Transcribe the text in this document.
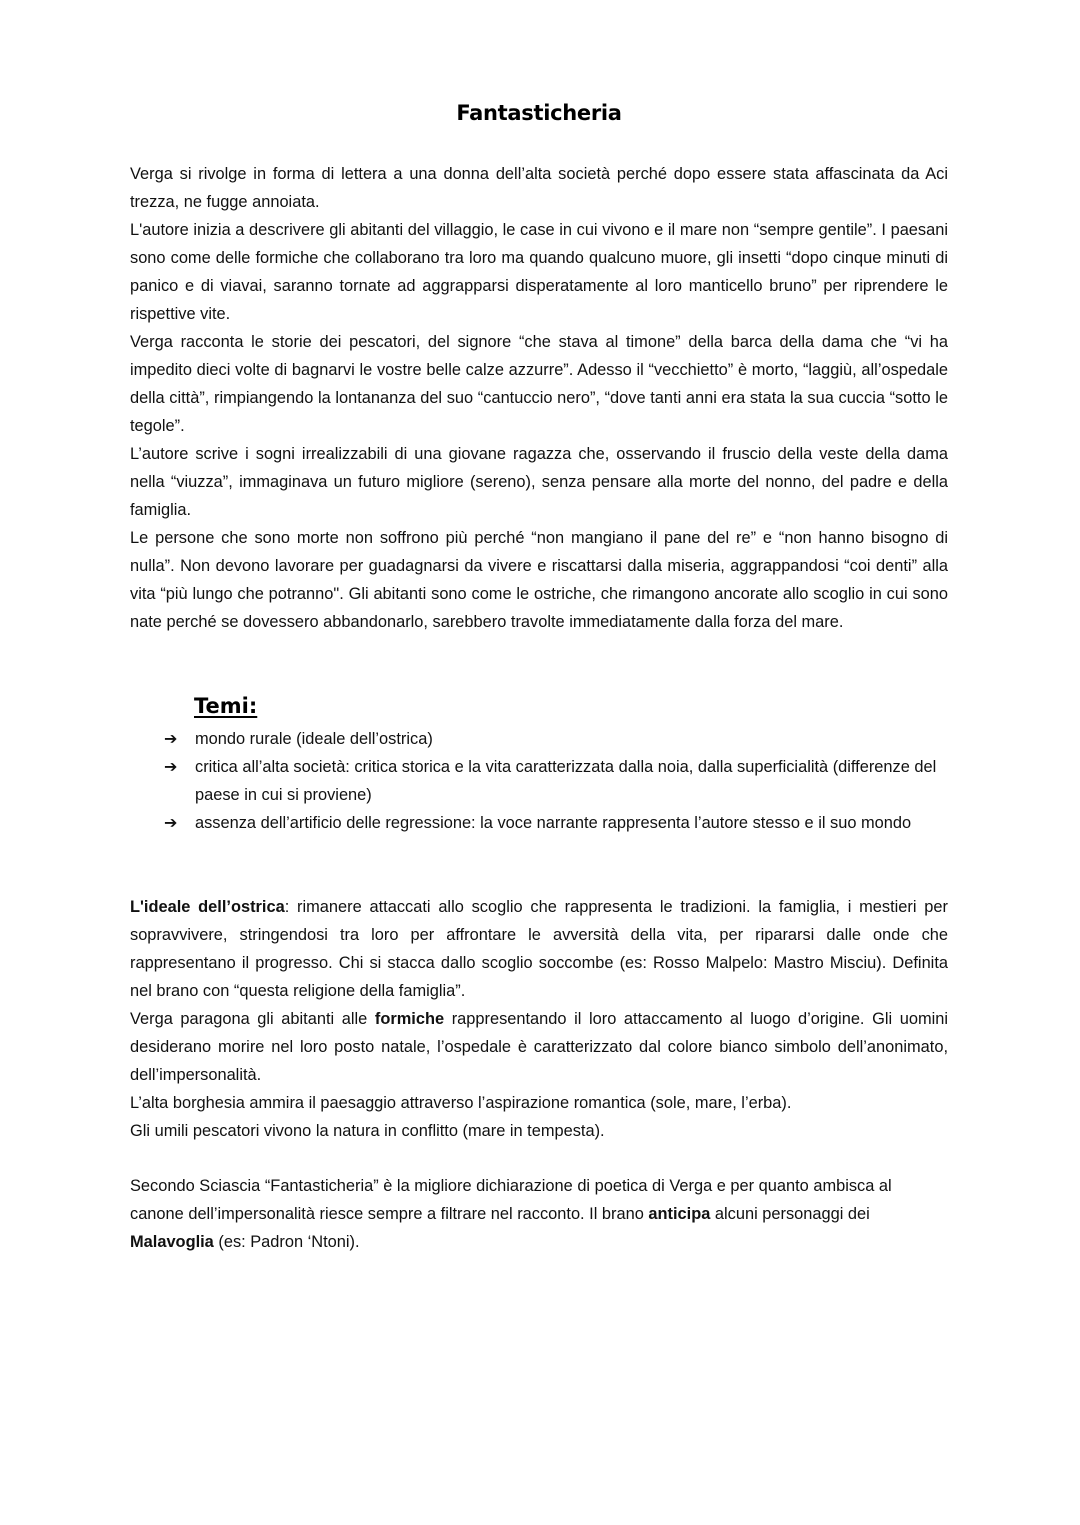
Fantasticheria

Verga si rivolge in forma di lettera a una donna dell’alta società perché dopo essere stata affascinata da Aci trezza, ne fugge annoiata.

L'autore inizia a descrivere gli abitanti del villaggio, le case in cui vivono e il mare non “sempre gentile”. I paesani sono come delle formiche che collaborano tra loro ma quando qualcuno muore, gli insetti “dopo cinque minuti di panico e di viavai, saranno tornate ad aggrapparsi disperatamente al loro manticello bruno” per riprendere le rispettive vite.

Verga racconta le storie dei pescatori, del signore “che stava al timone” della barca della dama che “vi ha impedito dieci volte di bagnarvi le vostre belle calze azzurre”. Adesso il “vecchietto” è morto, “laggiù, all’ospedale della città”, rimpiangendo la lontananza del suo “cantuccio nero”, “dove tanti anni era stata la sua cuccia “sotto le tegole”.

L’autore scrive i sogni irrealizzabili di una giovane ragazza che, osservando il fruscio della veste della dama nella “viuzza”, immaginava un futuro migliore (sereno), senza pensare alla morte del nonno, del padre e della famiglia.

Le persone che sono morte non soffrono più perché “non mangiano il pane del re” e “non hanno bisogno di nulla”. Non devono lavorare per guadagnarsi da vivere e riscattarsi dalla miseria, aggrappandosi “coi denti” alla vita “più lungo che potranno". Gli abitanti sono come le ostriche, che rimangono ancorate allo scoglio in cui sono nate perché se dovessero abbandonarlo, sarebbero travolte immediatamente dalla forza del mare.

Temi:
➔ mondo rurale (ideale dell’ostrica)
➔ critica all’alta società: critica storica e la vita caratterizzata dalla noia, dalla superficialità (differenze del paese in cui si proviene)
➔ assenza dell’artificio delle regressione: la voce narrante rappresenta l’autore stesso e il suo mondo

L'ideale dell’ostrica: rimanere attaccati allo scoglio che rappresenta le tradizioni. la famiglia, i mestieri per sopravvivere, stringendosi tra loro per affrontare le avversità della vita, per ripararsi dalle onde che rappresentano il progresso. Chi si stacca dallo scoglio soccombe (es: Rosso Malpelo: Mastro Misciu). Definita nel brano con “questa religione della famiglia”.

Verga paragona gli abitanti alle formiche rappresentando il loro attaccamento al luogo d’origine. Gli uomini desiderano morire nel loro posto natale, l’ospedale è caratterizzato dal colore bianco simbolo dell’anonimato, dell’impersonalità.

L’alta borghesia ammira il paesaggio attraverso l’aspirazione romantica (sole, mare, l’erba).

Gli umili pescatori vivono la natura in conflitto (mare in tempesta).

Secondo Sciascia “Fantasticheria” è la migliore dichiarazione di poetica di Verga e per quanto ambisca al canone dell’impersonalità riesce sempre a filtrare nel racconto. Il brano anticipa alcuni personaggi dei Malavoglia (es: Padron ‘Ntoni).
